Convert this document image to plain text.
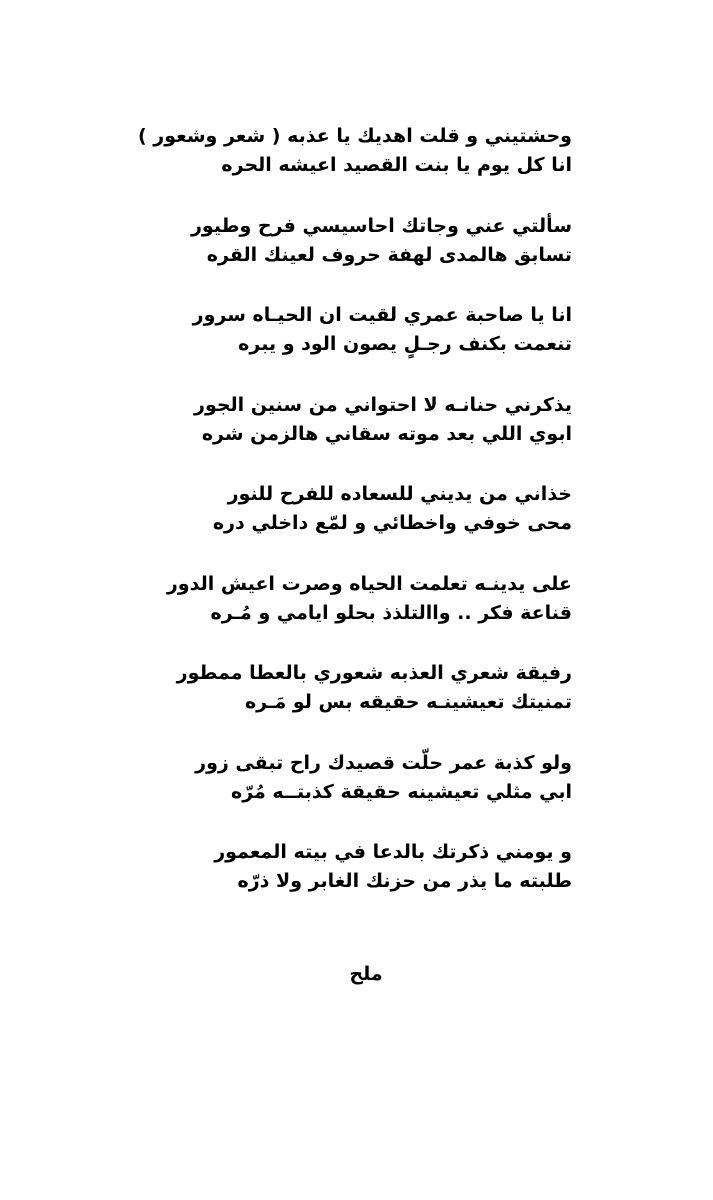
وحشتيني و قلت اهديك يا عذبه ( شعر وشعور )
انا كل يوم يا بنت القصيد اعيشه الحره
سألتي عني وجاتك احاسيسي فرح وطيور
تسابق هالمدى لهفة حروف لعينك القره
انا يا صاحبة عمري لقيت ان الحيـاه سرور
تنعمت بكنف رجـلٍ يصون الود و يبره
يذكرني حنانـه لا احتواني من سنين الجور
ابوي اللي بعد موته سقاني هالزمن شره
خذاني من يديني للسعاده للفرح للنور
محى خوفي واخطائي و لمّع داخلي دره
على يدينـه تعلمت الحياه وصرت اعيش الدور
قناعة فكر .. واالتلذذ بحلو ايامي و مُـره
رفيقة شعري العذبه شعوري بالعطا ممطور
تمنيتك تعيشينـه حقيقه بس لو مَـره
ولو كذبة عمر حلّت قصيدك راح تبقى زور
ابي مثلي تعيشينه حقيقة كذبتــه مُرّه
و يومني ذكرتك بالدعا في بيته المعمور
طلبته ما يذر من حزنك الغابر ولا ذرّه
ملح
